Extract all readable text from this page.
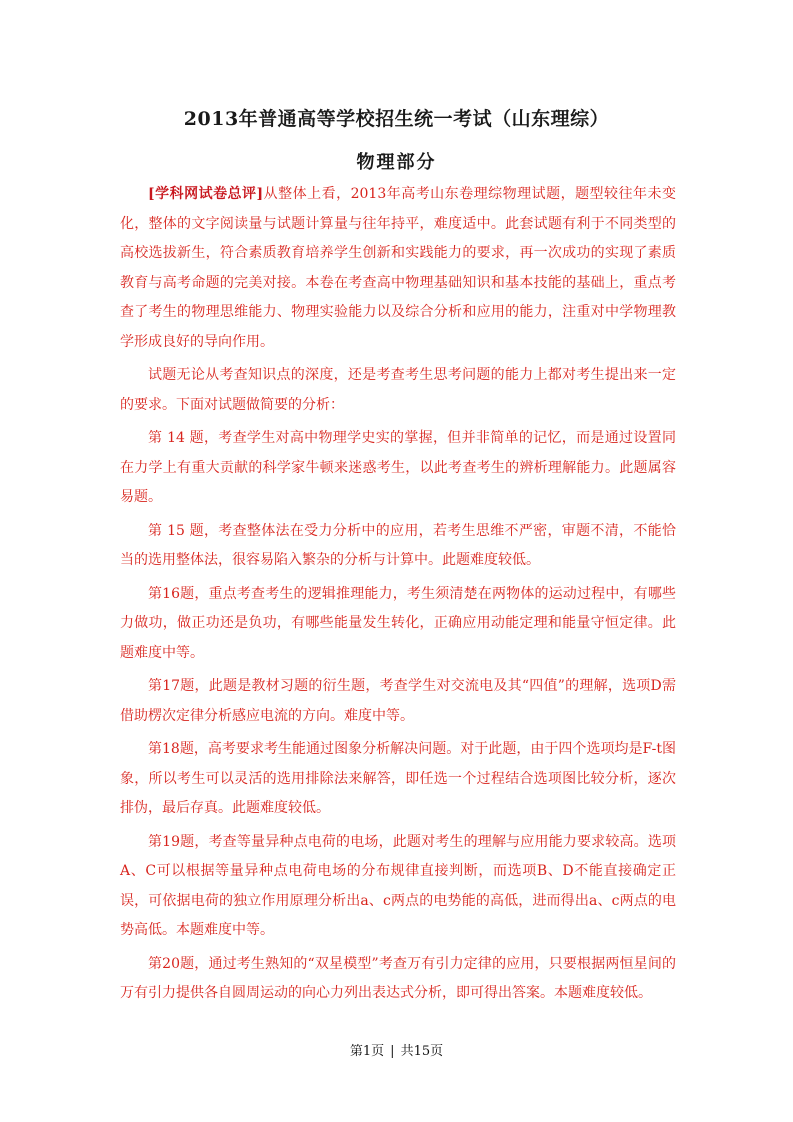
2013年普通高等学校招生统一考试（山东理综）
物理部分

[学科网试卷总评]从整体上看，2013年高考山东卷理综物理试题，题型较往年未变化，整体的文字阅读量与试题计算量与往年持平，难度适中。此套试题有利于不同类型的高校选拔新生，符合素质教育培养学生创新和实践能力的要求，再一次成功的实现了素质教育与高考命题的完美对接。本卷在考查高中物理基础知识和基本技能的基础上，重点考查了考生的物理思维能力、物理实验能力以及综合分析和应用的能力，注重对中学物理教学形成良好的导向作用。

试题无论从考查知识点的深度，还是考查考生思考问题的能力上都对考生提出来一定的要求。下面对试题做简要的分析：

第 14 题，考查学生对高中物理学史实的掌握，但并非简单的记忆，而是通过设置同在力学上有重大贡献的科学家牛顿来迷惑考生，以此考查考生的辨析理解能力。此题属容易题。

第 15 题，考查整体法在受力分析中的应用，若考生思维不严密，审题不清，不能恰当的选用整体法，很容易陷入繁杂的分析与计算中。此题难度较低。

第16题，重点考查考生的逻辑推理能力，考生须清楚在两物体的运动过程中，有哪些力做功，做正功还是负功，有哪些能量发生转化，正确应用动能定理和能量守恒定律。此题难度中等。

第17题，此题是教材习题的衍生题，考查学生对交流电及其“四值”的理解，选项D需借助楞次定律分析感应电流的方向。难度中等。

第18题，高考要求考生能通过图象分析解决问题。对于此题，由于四个选项均是F-t图象，所以考生可以灵活的选用排除法来解答，即任选一个过程结合选项图比较分析，逐次排伪，最后存真。此题难度较低。

第19题，考查等量异种点电荷的电场，此题对考生的理解与应用能力要求较高。选项A、C可以根据等量异种点电荷电场的分布规律直接判断，而选项B、D不能直接确定正误，可依据电荷的独立作用原理分析出a、c两点的电势能的高低，进而得出a、c两点的电势高低。本题难度中等。

第20题，通过考生熟知的“双星模型”考查万有引力定律的应用，只要根据两恒星间的万有引力提供各自圆周运动的向心力列出表达式分析，即可得出答案。本题难度较低。

第1页 | 共15页
